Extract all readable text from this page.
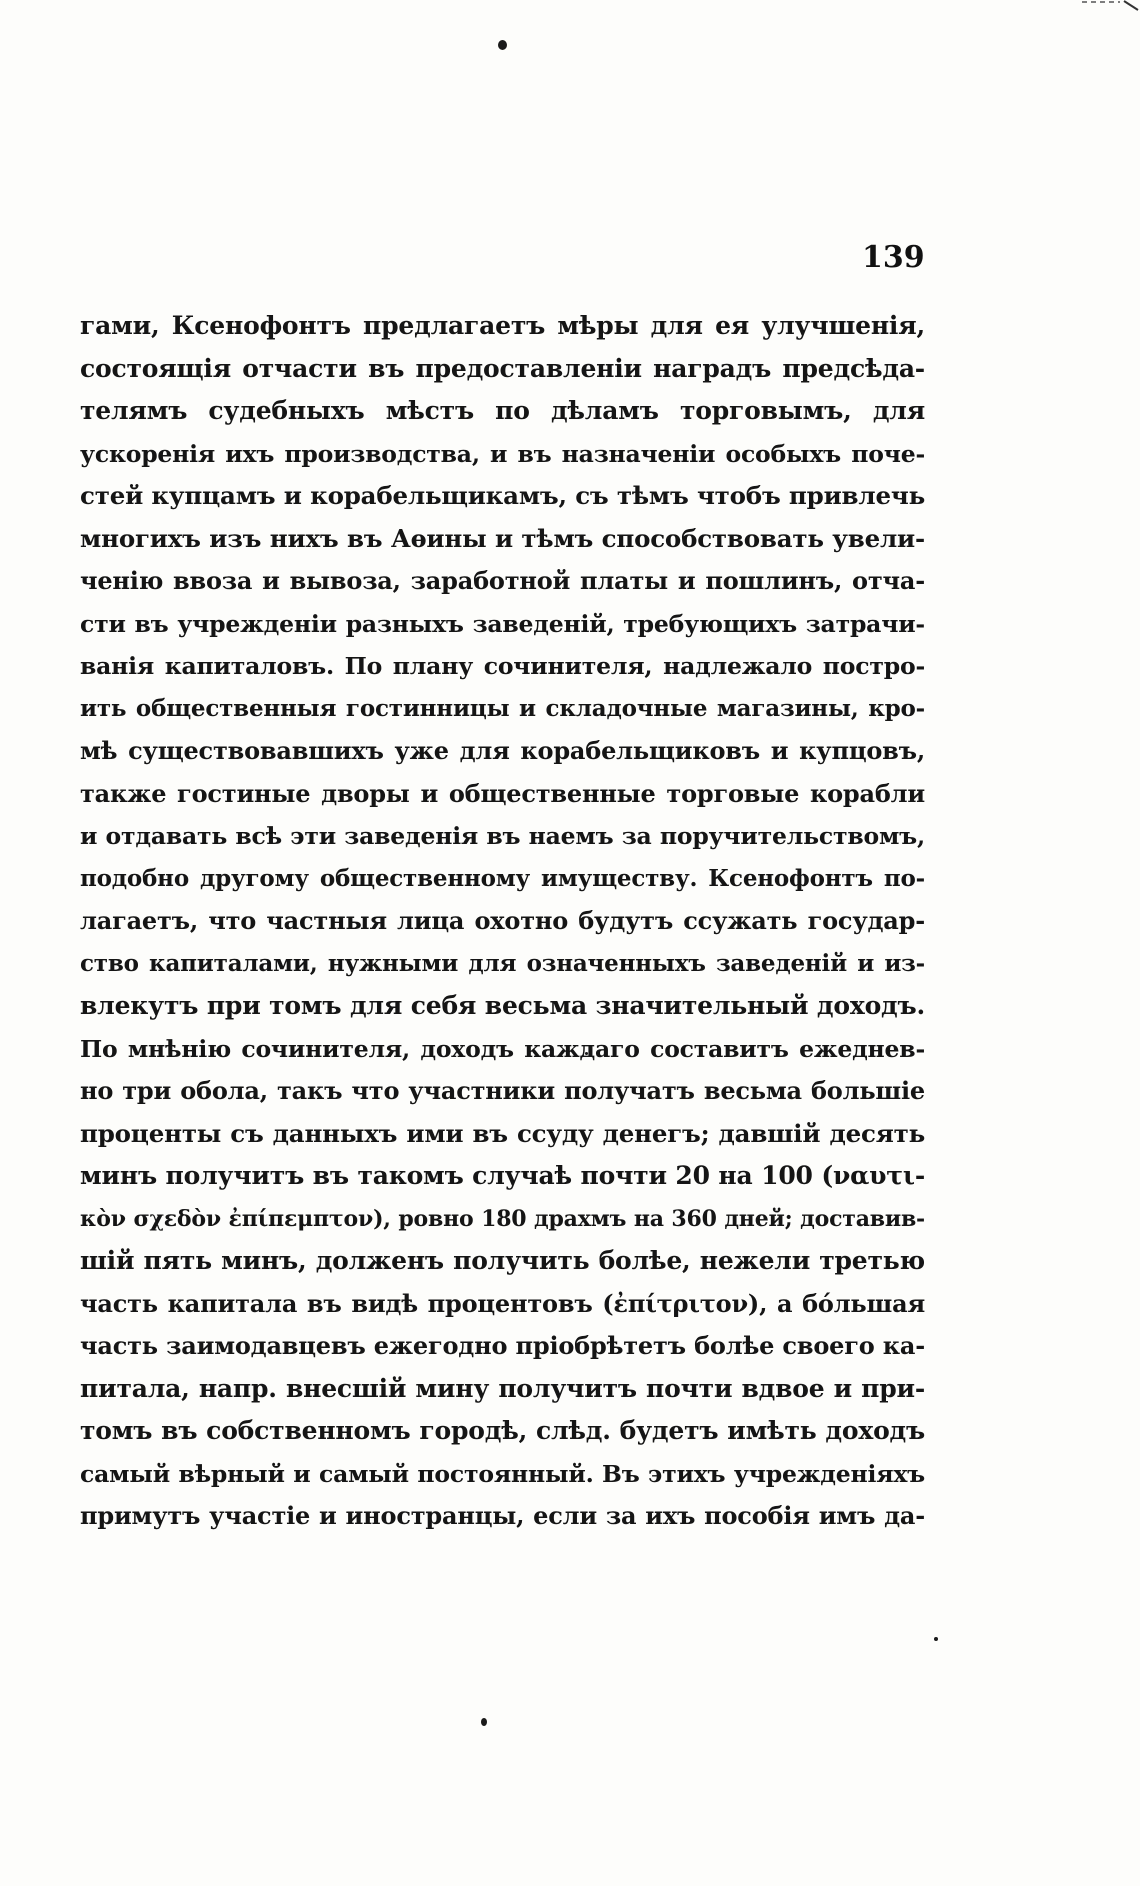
139
гами, Ксенофонтъ предлагаетъ мѣры для ея улучшенія,
состоящія отчасти въ предоставленіи наградъ предсѣда-
телямъ судебныхъ мѣстъ по дѣламъ торговымъ, для
ускоренія ихъ производства, и въ назначеніи особыхъ поче-
стей купцамъ и корабельщикамъ, съ тѣмъ чтобъ привлечь
многихъ изъ нихъ въ Аѳины и тѣмъ способствовать увели-
ченію ввоза и вывоза, заработной платы и пошлинъ, отча-
сти въ учрежденіи разныхъ заведеній, требующихъ затрачи-
ванія капиталовъ. По плану сочинителя, надлежало постро-
ить общественныя гостинницы и складочные магазины, кро-
мѣ существовавшихъ уже для корабельщиковъ и купцовъ,
также гостиные дворы и общественные торговые корабли
и отдавать всѣ эти заведенія въ наемъ за поручительствомъ,
подобно другому общественному имуществу. Ксенофонтъ по-
лагаетъ, что частныя лица охотно будутъ ссужать государ-
ство капиталами, нужными для означенныхъ заведеній и из-
влекутъ при томъ для себя весьма значительный доходъ.
По мнѣнію сочинителя, доходъ каждаго составитъ ежеднев-
но три обола, такъ что участники получатъ весьма большіе
проценты съ данныхъ ими въ ссуду денегъ; давшій десять
минъ получитъ въ такомъ случаѣ почти 20 на 100 (ναυτι-
κὸν σχεδὸν ἐπίπεμπτον), ровно 180 драхмъ на 360 дней; доставив-
шій пять минъ, долженъ получить болѣе, нежели третью
часть капитала въ видѣ процентовъ (ἐπίτριτον), а бо́льшая
часть заимодавцевъ ежегодно пріобрѣтетъ болѣе своего ка-
питала, напр. внесшій мину получитъ почти вдвое и при-
томъ въ собственномъ городѣ, слѣд. будетъ имѣть доходъ
самый вѣрный и самый постоянный. Въ этихъ учрежденіяхъ
примутъ участіе и иностранцы, если за ихъ пособія имъ да-
